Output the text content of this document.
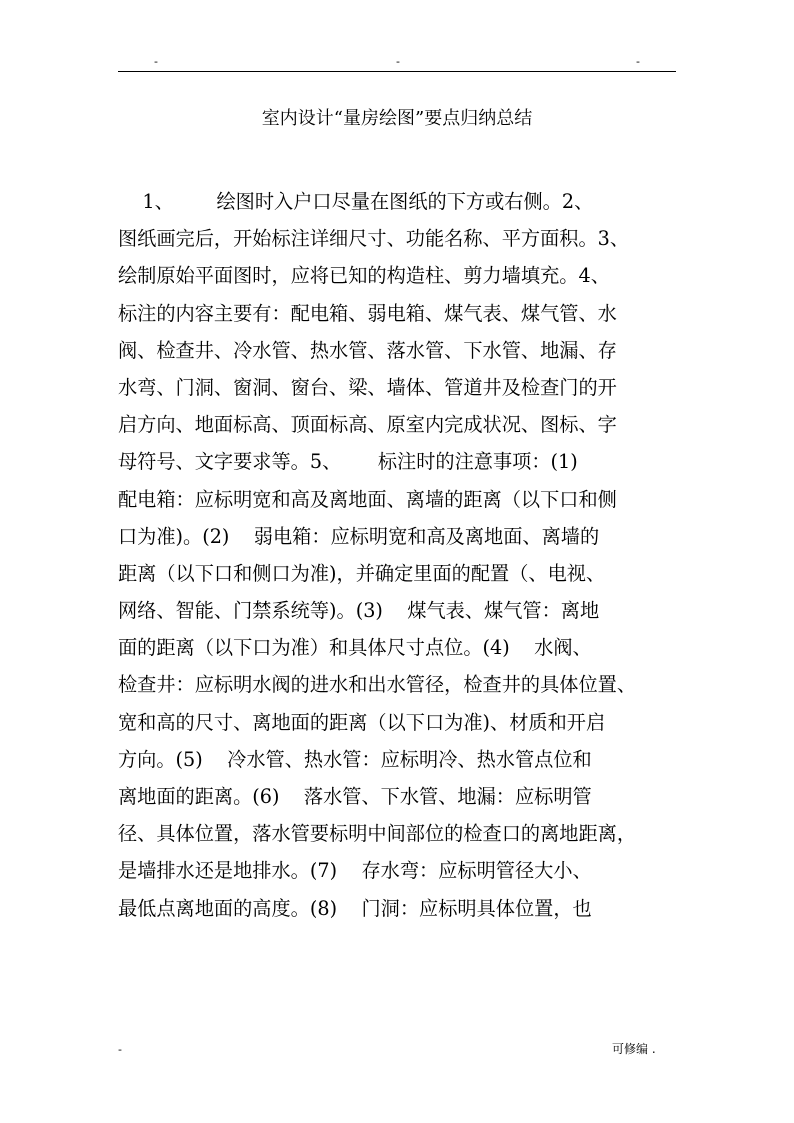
-	-	-
室内设计“量房绘图”要点归纳总结
1、       绘图时入户口尽量在图纸的下方或右侧。2、
图纸画完后，开始标注详细尺寸、功能名称、平方面积。3、
绘制原始平面图时，应将已知的构造柱、剪力墙填充。4、
标注的内容主要有：配电箱、弱电箱、煤气表、煤气管、水
阀、检查井、冷水管、热水管、落水管、下水管、地漏、存
水弯、门洞、窗洞、窗台、梁、墙体、管道井及检查门的开
启方向、地面标高、顶面标高、原室内完成状况、图标、字
母符号、文字要求等。5、      标注时的注意事项：(1)
配电箱：应标明宽和高及离地面、离墙的距离（以下口和侧
口为准)。(2)    弱电箱：应标明宽和高及离地面、离墙的
距离（以下口和侧口为准)，并确定里面的配置（、电视、
网络、智能、门禁系统等)。(3)    煤气表、煤气管：离地
面的距离（以下口为准）和具体尺寸点位。(4)    水阀、
检查井：应标明水阀的进水和出水管径，检查井的具体位置、
宽和高的尺寸、离地面的距离（以下口为准)、材质和开启
方向。(5)    冷水管、热水管：应标明冷、热水管点位和
离地面的距离。(6)    落水管、下水管、地漏：应标明管
径、具体位置，落水管要标明中间部位的检查口的离地距离，
是墙排水还是地排水。(7)    存水弯：应标明管径大小、
最低点离地面的高度。(8)    门洞：应标明具体位置，也
-	可修编 .
